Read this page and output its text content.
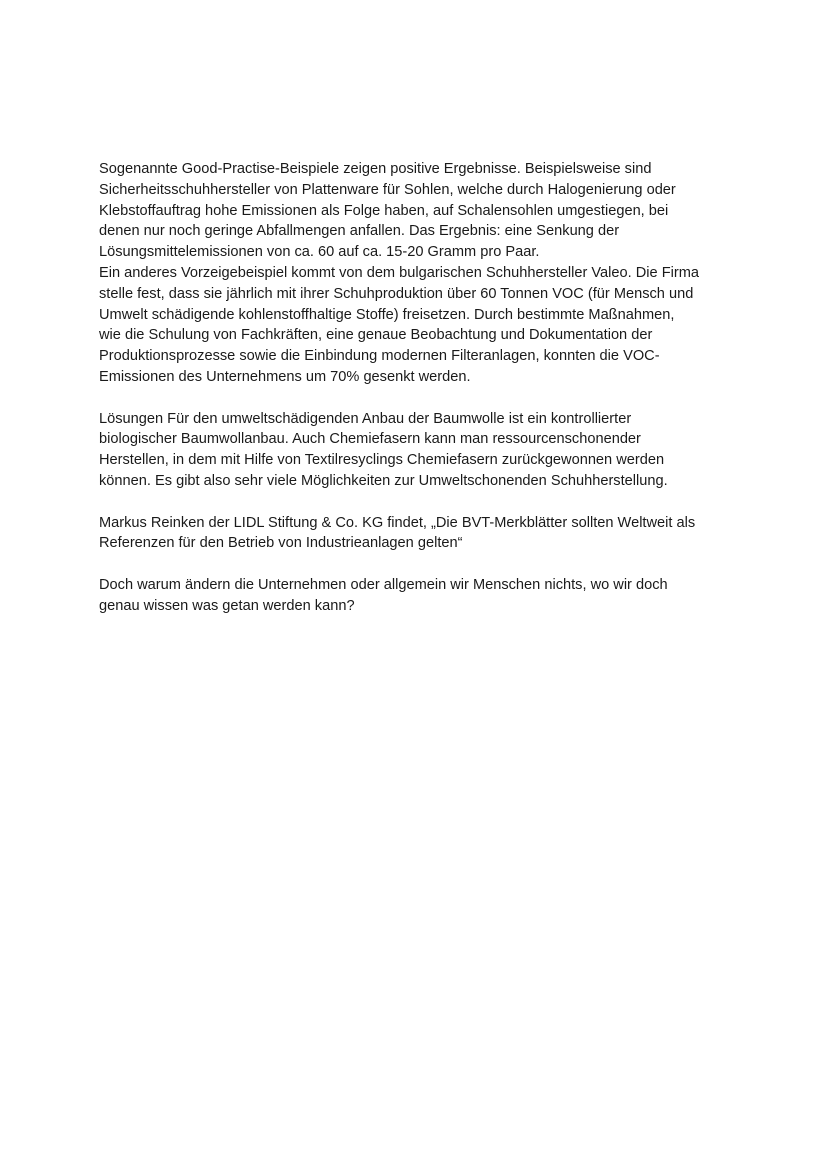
Sogenannte Good-Practise-Beispiele zeigen positive Ergebnisse. Beispielsweise sind
Sicherheitsschuhhersteller von Plattenware für Sohlen, welche durch Halogenierung oder
Klebstoffauftrag hohe Emissionen als Folge haben, auf Schalensohlen umgestiegen, bei
denen nur noch geringe Abfallmengen anfallen. Das Ergebnis: eine Senkung der
Lösungsmittelemissionen von ca. 60 auf ca. 15-20 Gramm pro Paar.
Ein anderes Vorzeigebeispiel kommt von dem bulgarischen Schuhhersteller Valeo. Die Firma
stelle fest, dass sie jährlich mit ihrer Schuhproduktion über 60 Tonnen VOC (für Mensch und
Umwelt schädigende kohlenstoffhaltige Stoffe) freisetzen. Durch bestimmte Maßnahmen,
wie die Schulung von Fachkräften, eine genaue Beobachtung und Dokumentation der
Produktionsprozesse sowie die Einbindung modernen Filteranlagen, konnten die VOC-
Emissionen des Unternehmens um 70% gesenkt werden.

Lösungen Für den umweltschädigenden Anbau der Baumwolle ist ein kontrollierter
biologischer Baumwollanbau. Auch Chemiefasern kann man ressourcenschonender
Herstellen, in dem mit Hilfe von Textilresyclings Chemiefasern zurückgewonnen werden
können. Es gibt also sehr viele Möglichkeiten zur Umweltschonenden Schuhherstellung.

Markus Reinken der LIDL Stiftung & Co. KG findet, „Die BVT-Merkblätter sollten Weltweit als
Referenzen für den Betrieb von Industrieanlagen gelten“

Doch warum ändern die Unternehmen oder allgemein wir Menschen nichts, wo wir doch
genau wissen was getan werden kann?
